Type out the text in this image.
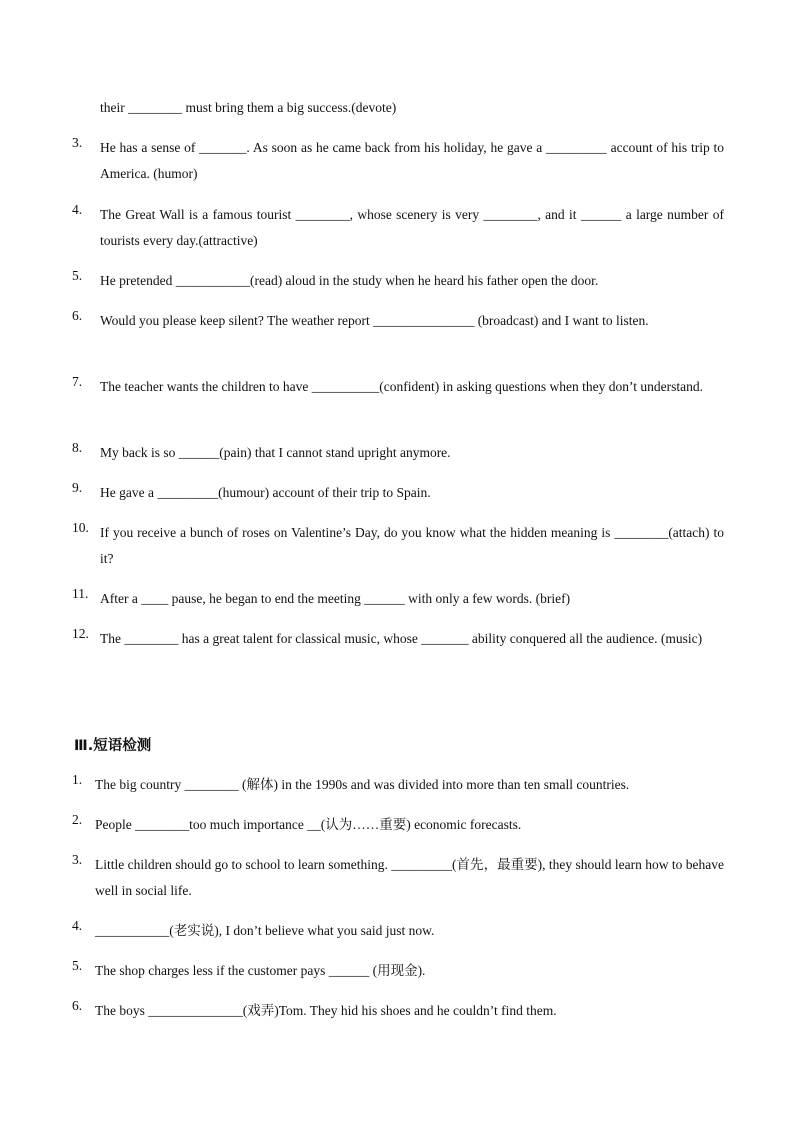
their ________ must bring them a big success.(devote)
3. He has a sense of _______. As soon as he came back from his holiday, he gave a _________ account of his trip to America. (humor)
4. The Great Wall is a famous tourist ________, whose scenery is very ________, and it ______ a large number of tourists every day.(attractive)
5. He pretended ___________(read) aloud in the study when he heard his father open the door.
6. Would you please keep silent? The weather report _______________ (broadcast) and I want to listen.
7. The teacher wants the children to have __________(confident) in asking questions when they don’t understand.
8. My back is so ______(pain) that I cannot stand upright anymore.
9. He gave a _________(humour) account of their trip to Spain.
10. If you receive a bunch of roses on Valentine’s Day, do you know what the hidden meaning is ________(attach) to it?
11. After a ____ pause, he began to end the meeting ______ with only a few words. (brief)
12. The ________ has a great talent for classical music, whose _______ ability conquered all the audience. (music)
Ⅲ.短语检测
1. The big country ________ (解体) in the 1990s and was divided into more than ten small countries.
2. People ________too much importance __(认为……重要) economic forecasts.
3. Little children should go to school to learn something. _________(首先，最重要), they should learn how to behave well in social life.
4. ___________(老实说), I don’t believe what you said just now.
5. The shop charges less if the customer pays ______ (用现金).
6. The boys ______________(戏弄)Tom. They hid his shoes and he couldn’t find them.
